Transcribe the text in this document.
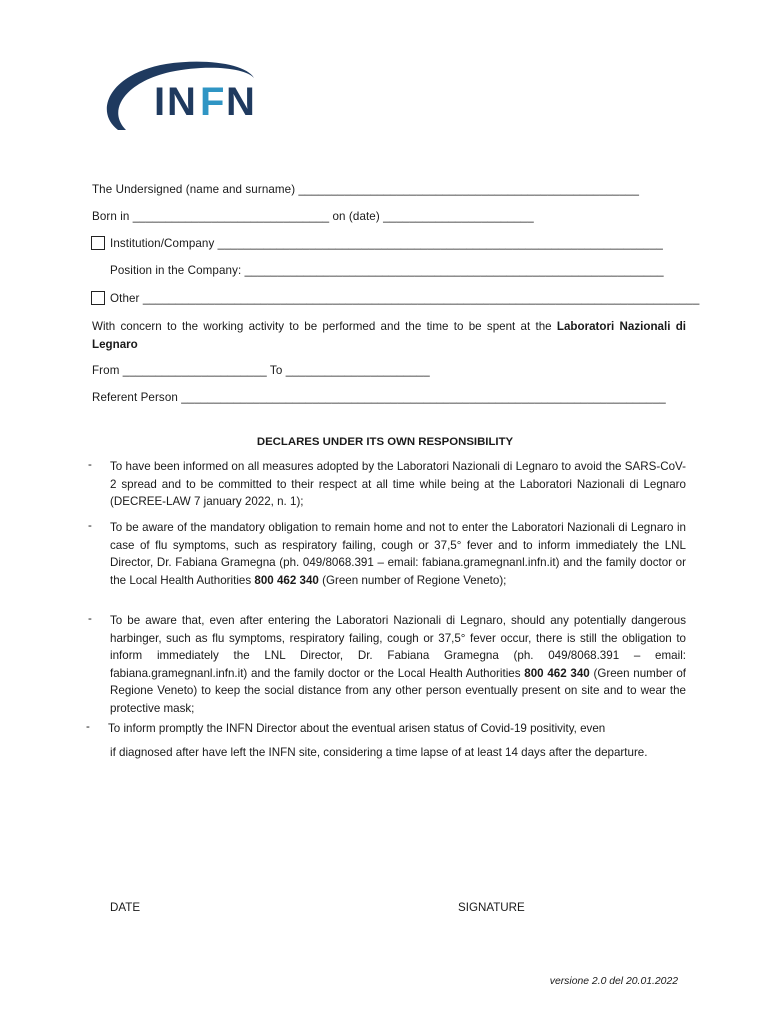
I N F N
The Undersigned (name and surname) ____________________________________________________
Born in ______________________________ on (date) _______________________
Institution/Company ____________________________________________________________________
Position in the Company: ________________________________________________________________
Other _____________________________________________________________________________________
With concern to the working activity to be performed and the time to be spent at the Laboratori Nazionali di Legnaro
From ______________________ To ______________________
Referent Person __________________________________________________________________________
DECLARES UNDER ITS OWN RESPONSIBILITY
- To have been informed on all measures adopted by the Laboratori Nazionali di Legnaro to avoid the SARS-CoV-2 spread and to be committed to their respect at all time while being at the Laboratori Nazionali di Legnaro (DECREE-LAW 7 january 2022, n. 1);
- To be aware of the mandatory obligation to remain home and not to enter the Laboratori Nazionali di Legnaro in case of flu symptoms, such as respiratory failing, cough or 37,5° fever and to inform immediately the LNL Director, Dr. Fabiana Gramegna (ph. 049/8068.391 – email: fabiana.gramegnanl.infn.it) and the family doctor or the Local Health Authorities 800 462 340 (Green number of Regione Veneto);
- To be aware that, even after entering the Laboratori Nazionali di Legnaro, should any potentially dangerous harbinger, such as flu symptoms, respiratory failing, cough or 37,5° fever occur, there is still the obligation to inform immediately the LNL Director, Dr. Fabiana Gramegna (ph. 049/8068.391 – email: fabiana.gramegnanl.infn.it) and the family doctor or the Local Health Authorities 800 462 340 (Green number of Regione Veneto) to keep the social distance from any other person eventually present on site and to wear the protective mask;
- To inform promptly the INFN Director about the eventual arisen status of Covid-19 positivity, even
if diagnosed after have left the INFN site, considering a time lapse of at least 14 days after the departure.
DATE	SIGNATURE
versione 2.0 del 20.01.2022
